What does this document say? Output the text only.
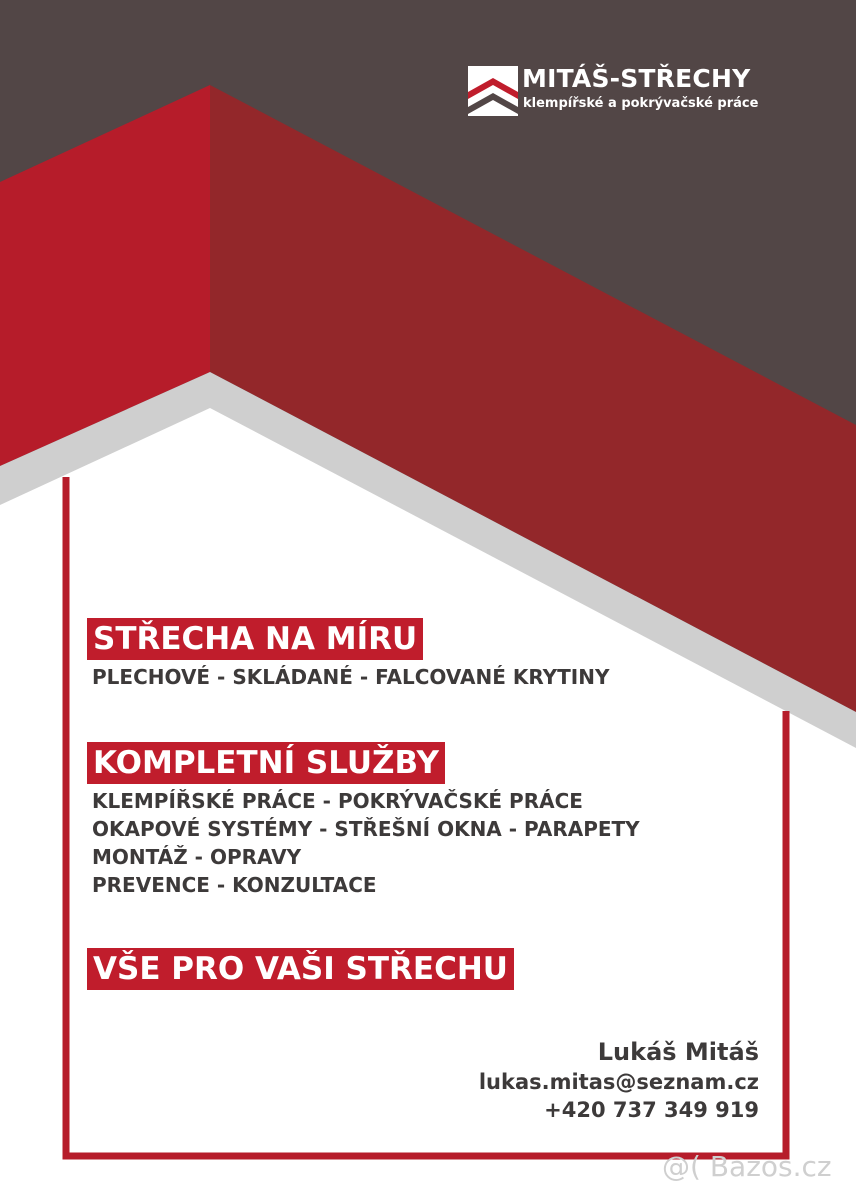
MITÁŠ-STŘECHY
klempířské a pokrývačské práce
STŘECHA NA MÍRU
PLECHOVÉ - SKLÁDANÉ - FALCOVANÉ KRYTINY
KOMPLETNÍ SLUŽBY
KLEMPÍŘSKÉ PRÁCE - POKRÝVAČSKÉ PRÁCE
OKAPOVÉ SYSTÉMY - STŘEŠNÍ OKNA - PARAPETY
MONTÁŽ - OPRAVY
PREVENCE - KONZULTACE
VŠE PRO VAŠI STŘECHU
Lukáš Mitáš
lukas.mitas@seznam.cz
+420 737 349 919
@( Bazos.cz
